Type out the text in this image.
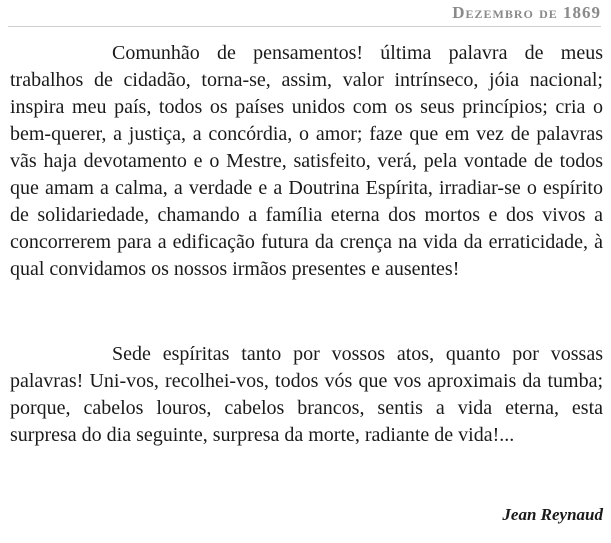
Dezembro de 1869

Comunhão de pensamentos! última palavra de meus trabalhos de cidadão, torna-se, assim, valor intrínseco, jóia nacional; inspira meu país, todos os países unidos com os seus princípios; cria o bem-querer, a justiça, a concórdia, o amor; faze que em vez de palavras vãs haja devotamento e o Mestre, satisfeito, verá, pela vontade de todos que amam a calma, a verdade e a Doutrina Espírita, irradiar-se o espírito de solidariedade, chamando a família eterna dos mortos e dos vivos a concorrerem para a edificação futura da crença na vida da erraticidade, à qual convidamos os nossos irmãos presentes e ausentes!

Sede espíritas tanto por vossos atos, quanto por vossas palavras! Uni-vos, recolhei-vos, todos vós que vos aproximais da tumba; porque, cabelos louros, cabelos brancos, sentis a vida eterna, esta surpresa do dia seguinte, surpresa da morte, radiante de vida!...

Jean Reynaud
